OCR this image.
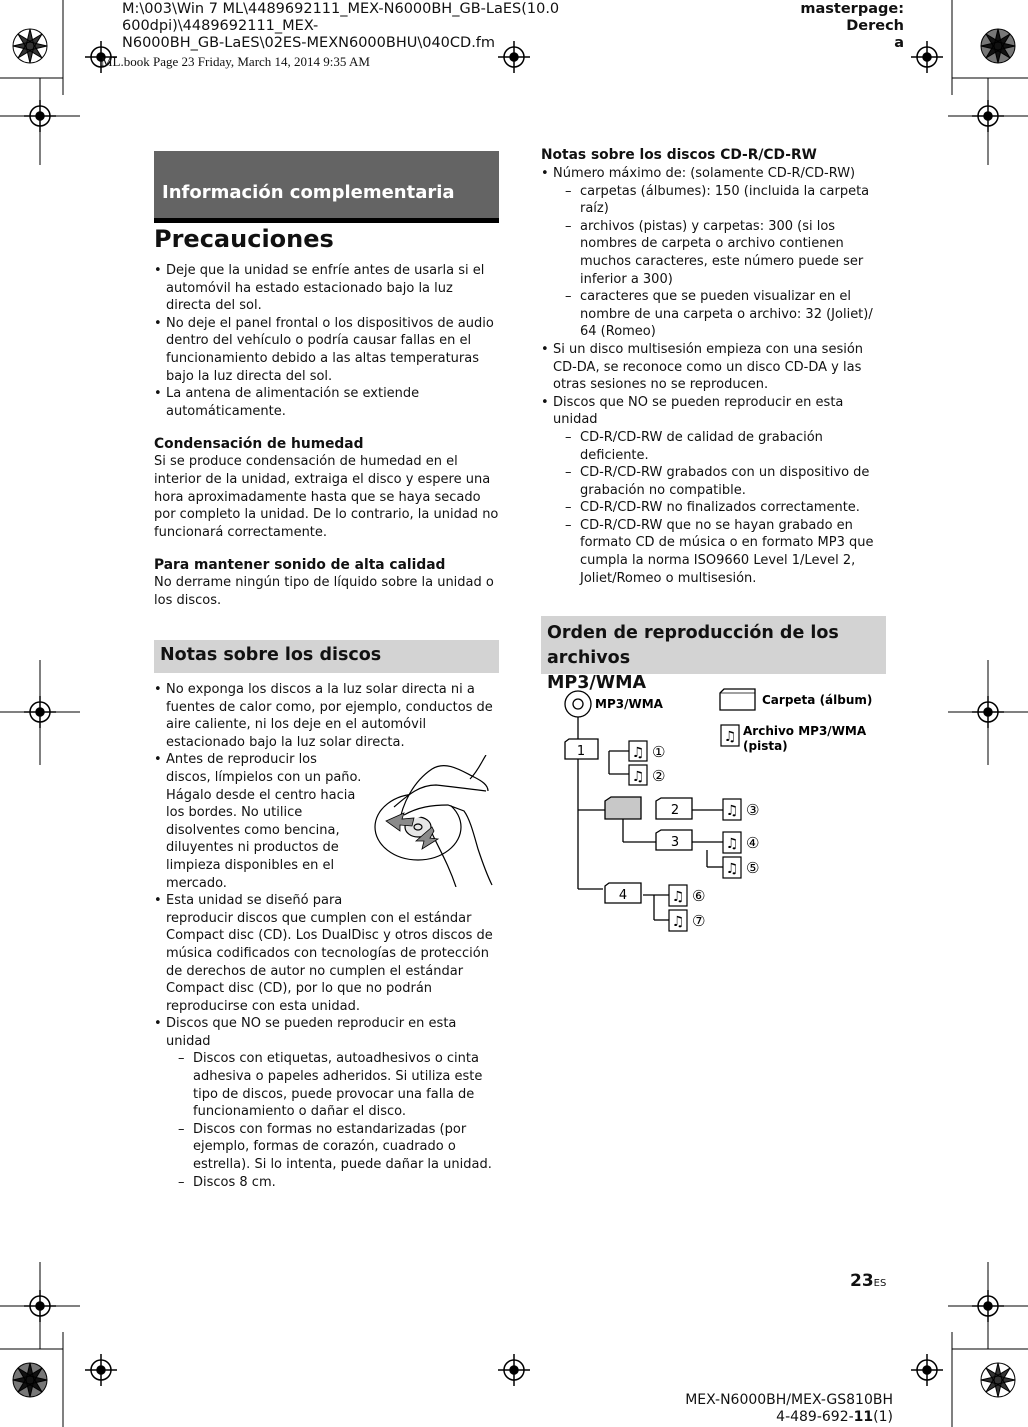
M:\003\Win 7 ML\4489692111_MEX-N6000BH_GB-LaES(10.0 600dpi)\4489692111_MEX-
N6000BH_GB-LaES\02ES-MEXN6000BHU\040CD.fm
masterpage: Derech
a
ML.book Page 23 Friday, March 14, 2014 9:35 AM
Información complementaria
Precauciones
• Deje que la unidad se enfríe antes de usarla si el automóvil ha estado estacionado bajo la luz directa del sol.
• No deje el panel frontal o los dispositivos de audio dentro del vehículo o podría causar fallas en el funcionamiento debido a las altas temperaturas bajo la luz directa del sol.
• La antena de alimentación se extiende automáticamente.

Condensación de humedad

Si se produce condensación de humedad en el interior de la unidad, extraiga el disco y espere una hora aproximadamente hasta que se haya secado por completo la unidad. De lo contrario, la unidad no funcionará correctamente.

Para mantener sonido de alta calidad

No derrame ningún tipo de líquido sobre la unidad o los discos.

Notas sobre los discos
• No exponga los discos a la luz solar directa ni a fuentes de calor como, por ejemplo, conductos de aire caliente, ni los deje en el automóvil estacionado bajo la luz solar directa.
• Antes de reproducir los
discos, límpielos con un paño.
Hágalo desde el centro hacia
los bordes. No utilice
disolventes como bencina,
diluyentes ni productos de
limpieza disponibles en el
mercado.
• Esta unidad se diseñó para
reproducir discos que cumplen con el estándar Compact disc (CD). Los DualDisc y otros discos de música codificados con tecnologías de protección de derechos de autor no cumplen el estándar Compact disc (CD), por lo que no podrán reproducirse con esta unidad.
• Discos que NO se pueden reproducir en esta unidad
– Discos con etiquetas, autoadhesivos o cinta adhesiva o papeles adheridos. Si utiliza este tipo de discos, puede provocar una falla de funcionamiento o dañar el disco.
– Discos con formas no estandarizadas (por ejemplo, formas de corazón, cuadrado o estrella). Si lo intenta, puede dañar la unidad.
– Discos 8 cm.

Notas sobre los discos CD-R/CD-RW

• Número máximo de: (solamente CD-R/CD-RW)
– carpetas (álbumes): 150 (incluida la carpeta raíz)
– archivos (pistas) y carpetas: 300 (si los nombres de carpeta o archivo contienen muchos caracteres, este número puede ser inferior a 300)
– caracteres que se pueden visualizar en el nombre de una carpeta o archivo: 32 (Joliet)/ 64 (Romeo)
• Si un disco multisesión empieza con una sesión CD-DA, se reconoce como un disco CD-DA y las otras sesiones no se reproducen.
• Discos que NO se pueden reproducir en esta unidad
– CD-R/CD-RW de calidad de grabación deficiente.
– CD-R/CD-RW grabados con un dispositivo de grabación no compatible.
– CD-R/CD-RW no finalizados correctamente.
– CD-R/CD-RW que no se hayan grabado en formato CD de música o en formato MP3 que cumpla la norma ISO9660 Level 1/Level 2, Joliet/Romeo o multisesión.
Orden de reproducción de los archivos
MP3/WMA
♫
♫
♫
♫
♫
♫
♫
♫
1
2
3
4
①
②
③
④
⑤
⑥
⑦
MP3/WMA	Carpeta (álbum)
Archivo MP3/WMA
(pista)
23ES
MEX-N6000BH/MEX-GS810BH
4-489-692-11(1)
